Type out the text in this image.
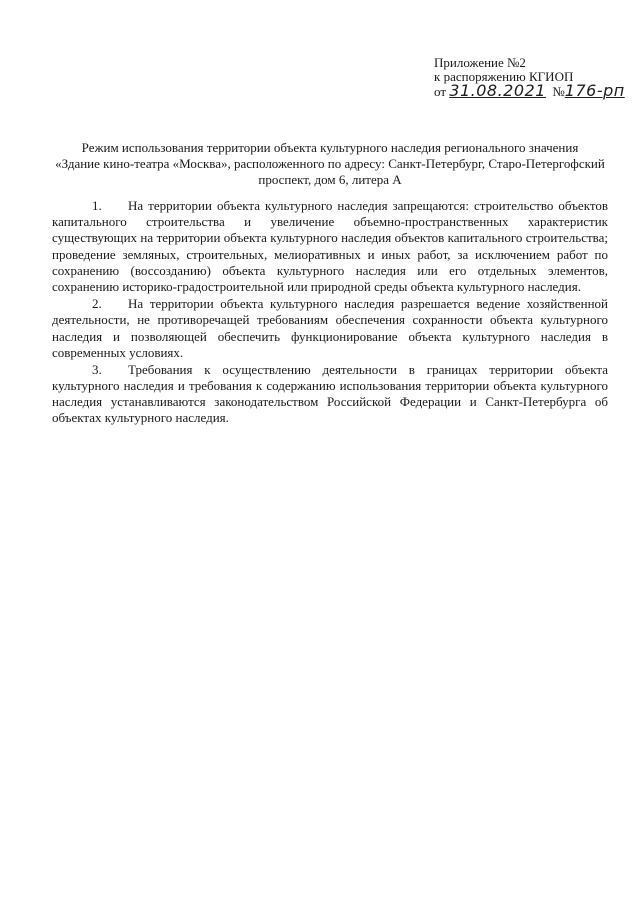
Приложение №2
к распоряжению КГИОП
от 31.08.2021 №176-рп
Режим использования территории объекта культурного наследия регионального значения
«Здание кино-театра «Москва», расположенного по адресу: Санкт-Петербург, Старо-Петергофский
проспект, дом 6, литера А
1. На территории объекта культурного наследия запрещаются: строительство объектов
капитального строительства и увеличение объемно-пространственных характеристик
существующих на территории объекта культурного наследия объектов капитального строительства;
проведение земляных, строительных, мелиоративных и иных работ, за исключением работ по
сохранению (воссозданию) объекта культурного наследия или его отдельных элементов,
сохранению историко-градостроительной или природной среды объекта культурного наследия.
2. На территории объекта культурного наследия разрешается ведение хозяйственной
деятельности, не противоречащей требованиям обеспечения сохранности объекта культурного
наследия и позволяющей обеспечить функционирование объекта культурного наследия в
современных условиях.
3. Требования к осуществлению деятельности в границах территории объекта
культурного наследия и требования к содержанию использования территории объекта культурного
наследия устанавливаются законодательством Российской Федерации и Санкт-Петербурга об
объектах культурного наследия.
